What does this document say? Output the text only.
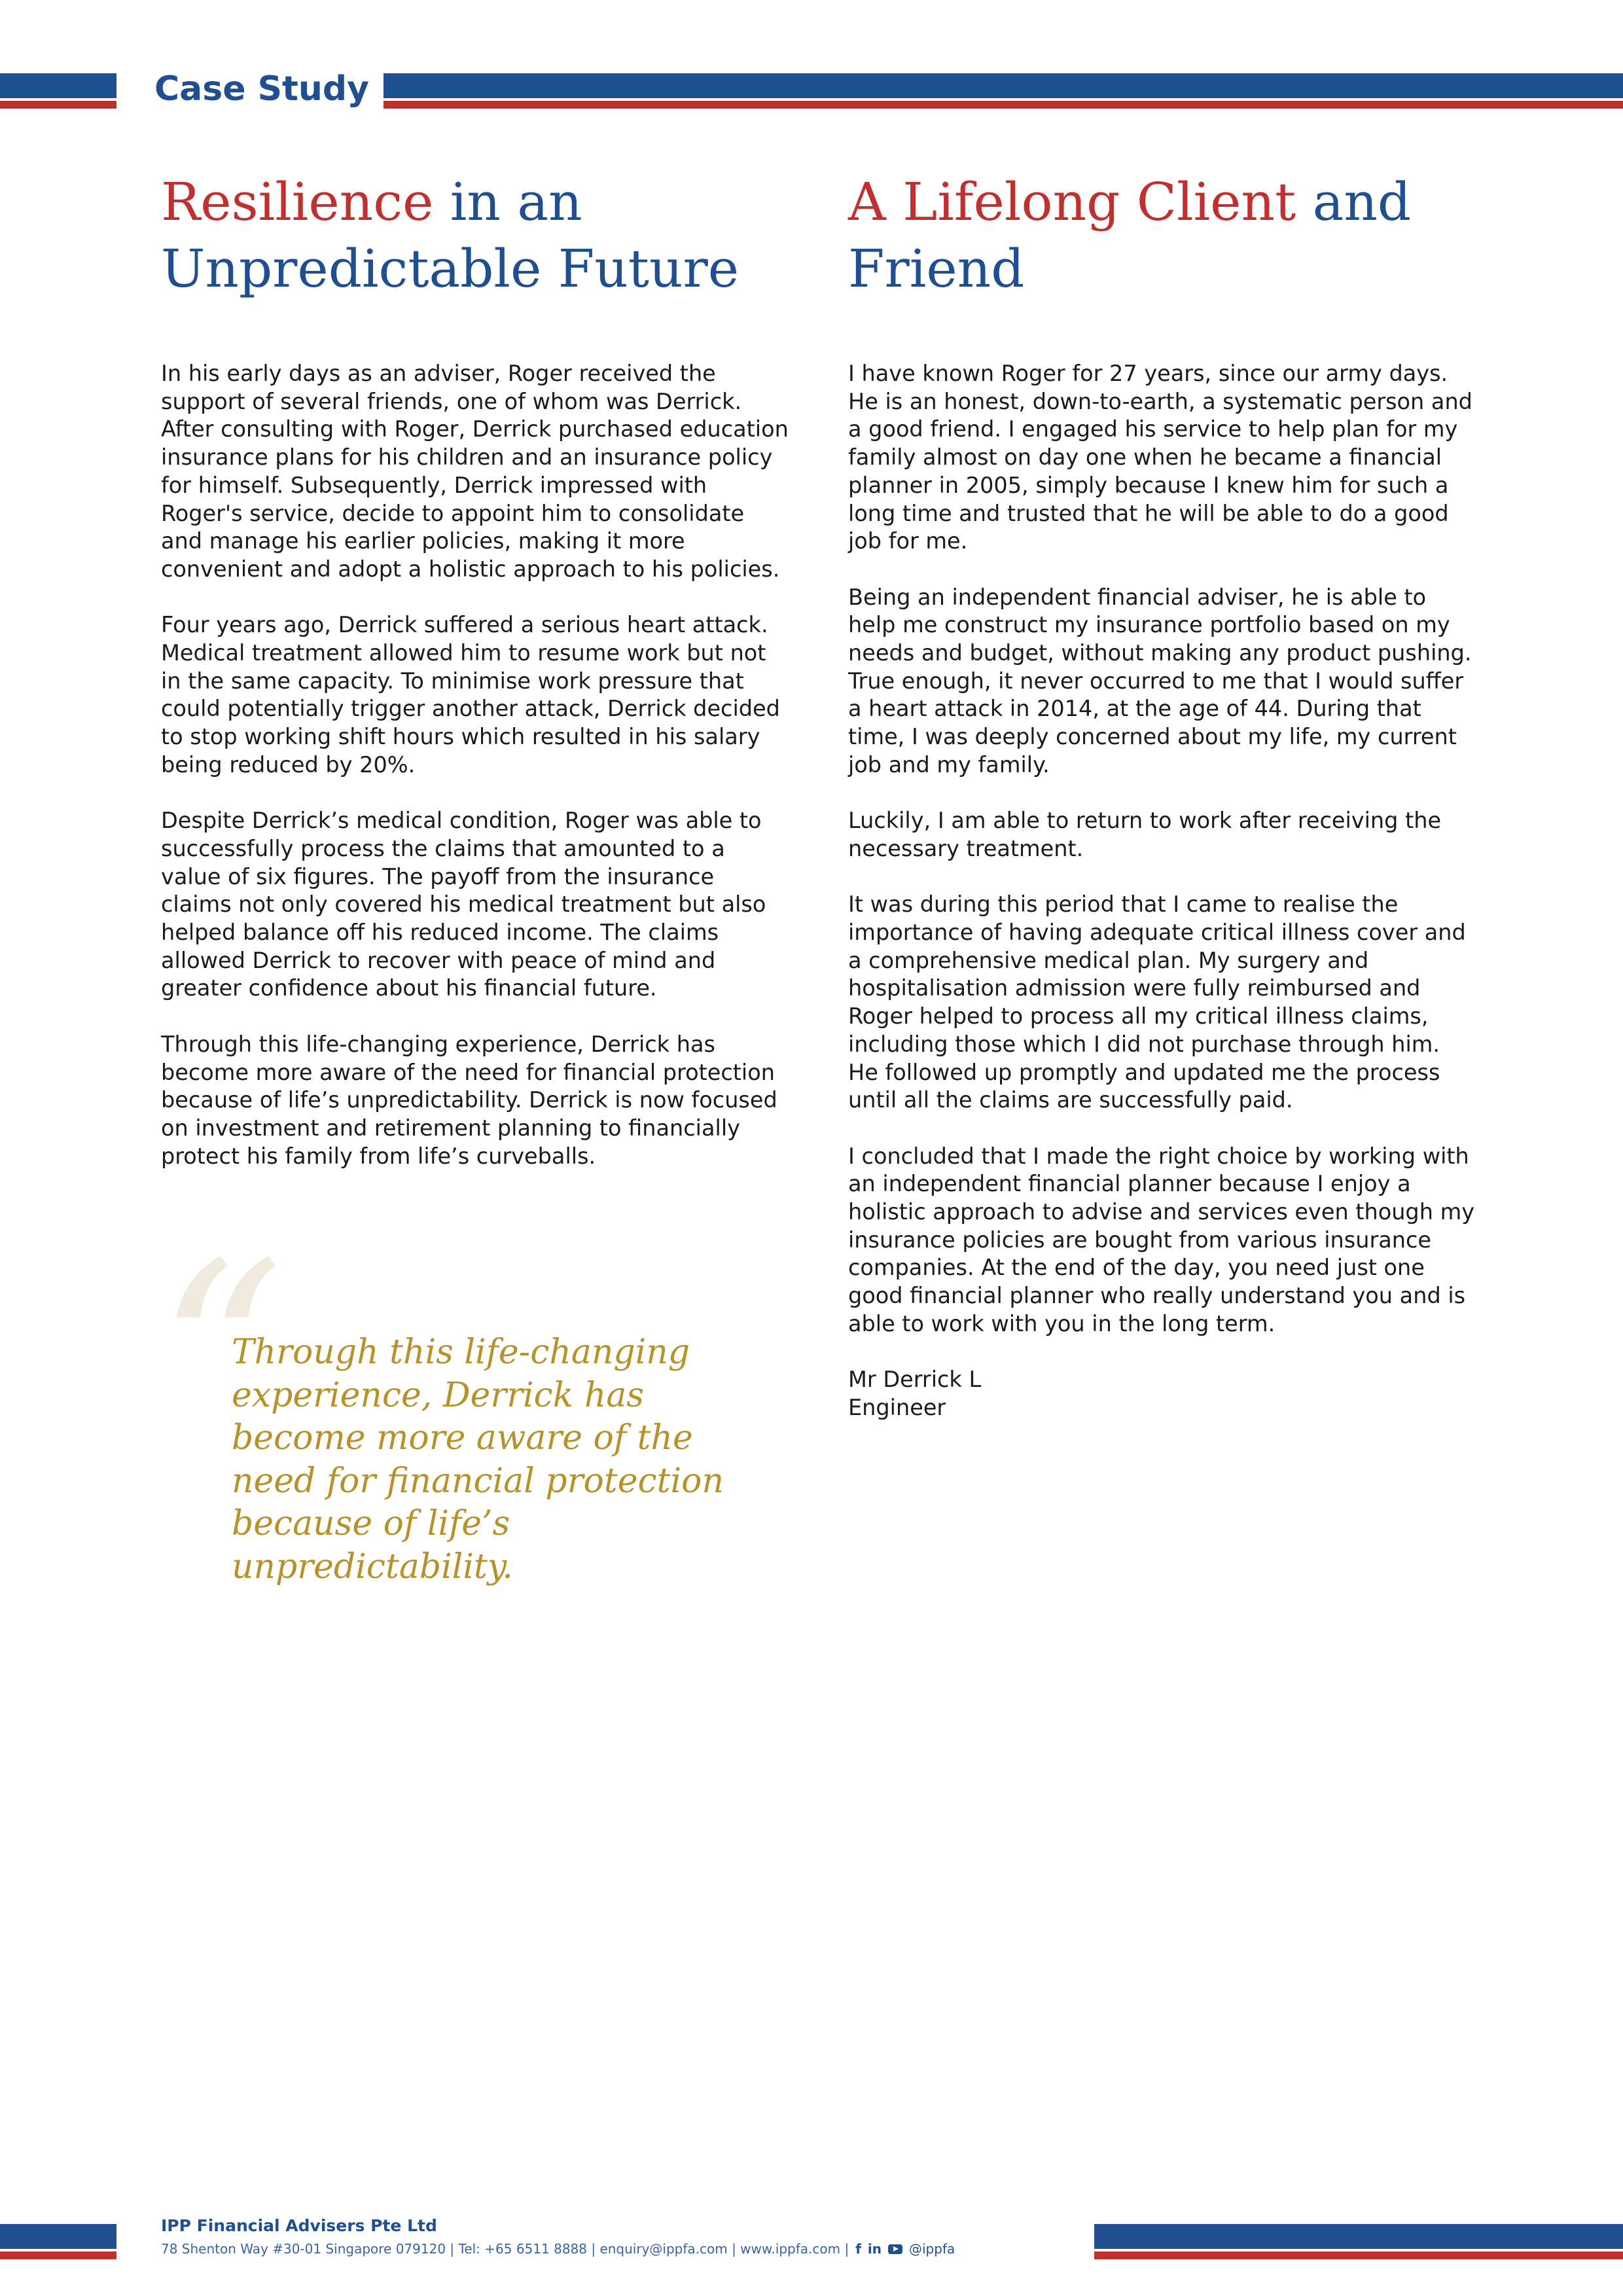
Case Study
Resilience in an Unpredictable Future

In his early days as an adviser, Roger received the support of several friends, one of whom was Derrick. After consulting with Roger, Derrick purchased education insurance plans for his children and an insurance policy for himself. Subsequently, Derrick impressed with Roger's service, decide to appoint him to consolidate and manage his earlier policies, making it more convenient and adopt a holistic approach to his policies.

Four years ago, Derrick suffered a serious heart attack. Medical treatment allowed him to resume work but not in the same capacity. To minimise work pressure that could potentially trigger another attack, Derrick decided to stop working shift hours which resulted in his salary being reduced by 20%.

Despite Derrick’s medical condition, Roger was able to successfully process the claims that amounted to a value of six figures. The payoff from the insurance claims not only covered his medical treatment but also helped balance off his reduced income. The claims allowed Derrick to recover with peace of mind and greater confidence about his financial future.

Through this life-changing experience, Derrick has become more aware of the need for financial protection because of life’s unpredictability. Derrick is now focused on investment and retirement planning to financially protect his family from life’s curveballs.

“
Through this life-changing experience, Derrick has become more aware of the need for financial protection because of life’s unpredictability.
A Lifelong Client and Friend

I have known Roger for 27 years, since our army days. He is an honest, down-to-earth, a systematic person and a good friend. I engaged his service to help plan for my family almost on day one when he became a financial planner in 2005, simply because I knew him for such a long time and trusted that he will be able to do a good job for me.

Being an independent financial adviser, he is able to help me construct my insurance portfolio based on my needs and budget, without making any product pushing. True enough, it never occurred to me that I would suffer a heart attack in 2014, at the age of 44. During that time, I was deeply concerned about my life, my current job and my family.

Luckily, I am able to return to work after receiving the necessary treatment.

It was during this period that I came to realise the importance of having adequate critical illness cover and a comprehensive medical plan. My surgery and hospitalisation admission were fully reimbursed and Roger helped to process all my critical illness claims, including those which I did not purchase through him. He followed up promptly and updated me the process until all the claims are successfully paid.

I concluded that I made the right choice by working with an independent financial planner because I enjoy a holistic approach to advise and services even though my insurance policies are bought from various insurance companies. At the end of the day, you need just one good financial planner who really understand you and is able to work with you in the long term.

Mr Derrick L

Engineer

IPP Financial Advisers Pte Ltd
78 Shenton Way #30-01 Singapore 079120 | Tel: +65 6511 8888 | enquiry@ippfa.com | www.ippfa.com | f in @ippfa
